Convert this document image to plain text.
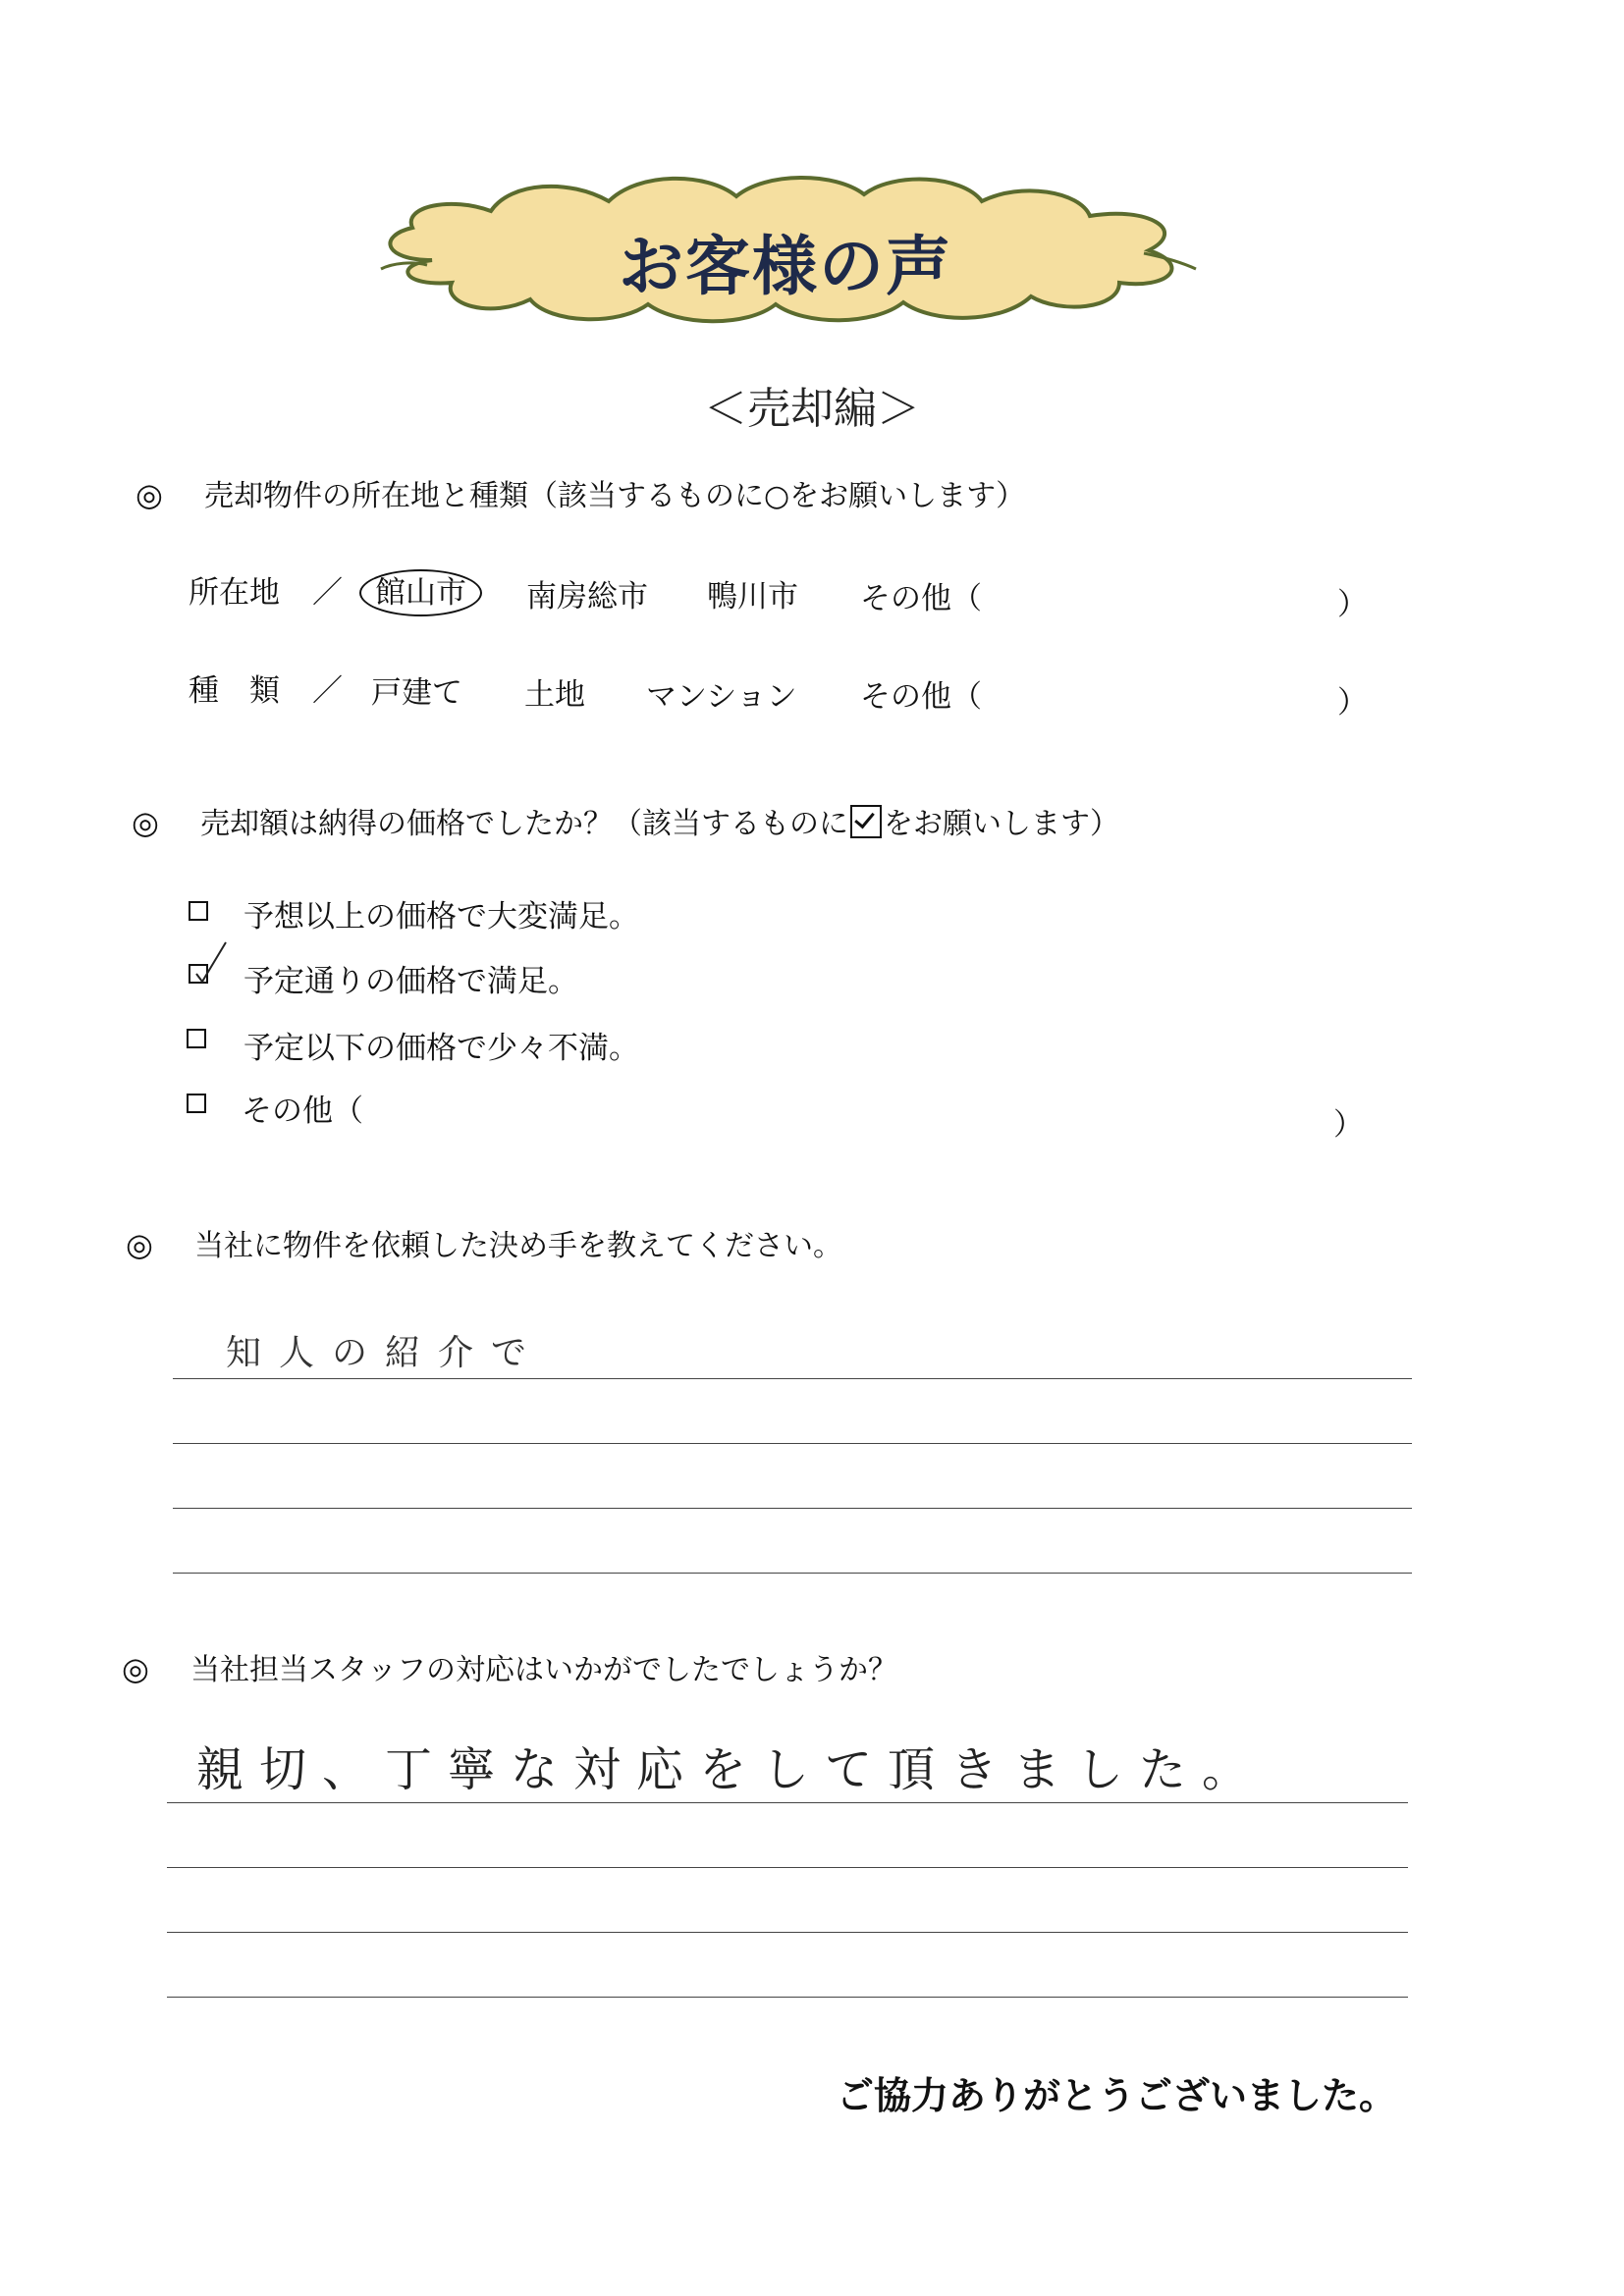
お客様の声
＜売却編＞
◎ 売却物件の所在地と種類（該当するものに○をお願いします）
所在地 ／ 館山市	南房総市 鴨川市 その他（	）
種　類 ／ 戸建て 土地 マンション その他（	）
◎ 売却額は納得の価格でしたか？（該当するものに をお願いします）
予想以上の価格で大変満足。
予定通りの価格で満足。
予定以下の価格で少々不満。
その他（	）
◎ 当社に物件を依頼した決め手を教えてください。
知人の紹介で
◎ 当社担当スタッフの対応はいかがでしたでしょうか？
親切、丁寧な対応をして頂きました。
ご協力ありがとうございました。
